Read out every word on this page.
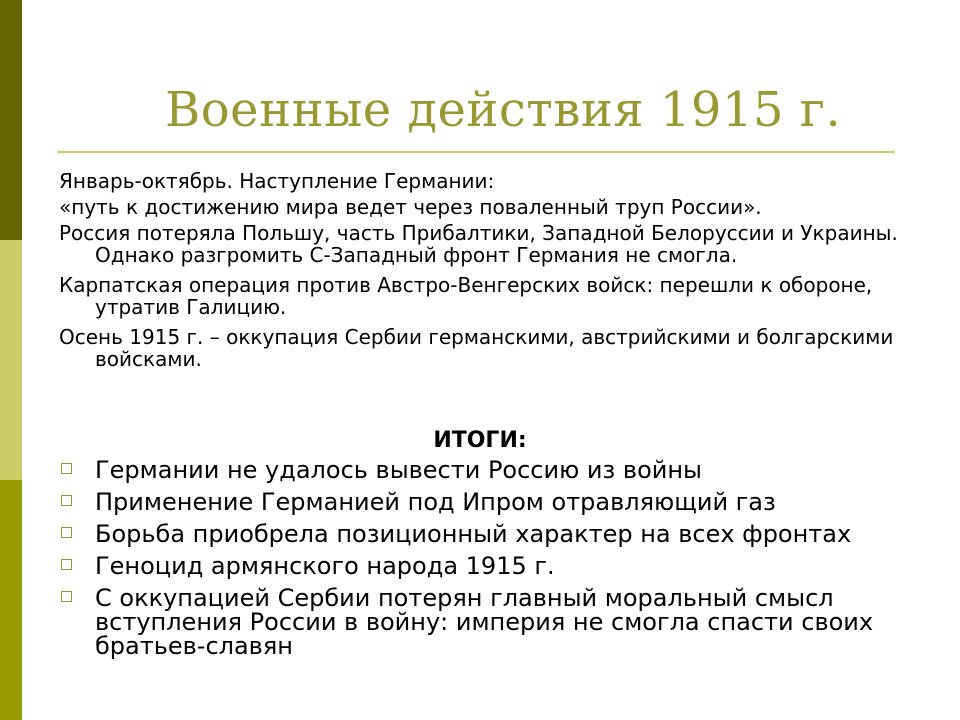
Военные действия 1915 г.

Январь-октябрь. Наступление Германии:

«путь к достижению мира ведет через поваленный труп России».

Россия потеряла Польшу, часть Прибалтики, Западной Белоруссии и Украины. Однако разгромить С-Западный фронт Германия не смогла.

Карпатская операция против Австро-Венгерских войск: перешли к обороне, утратив Галицию.

Осень 1915 г. – оккупация Сербии германскими, австрийскими и болгарскими войсками.

ИТОГИ:
Германии не удалось вывести Россию из войны
Применение Германией под Ипром отравляющий газ
Борьба приобрела позиционный характер на всех фронтах
Геноцид армянского народа 1915 г.
С оккупацией Сербии потерян главный моральный смысл вступления России в войну: империя не смогла спасти своих братьев-славян
